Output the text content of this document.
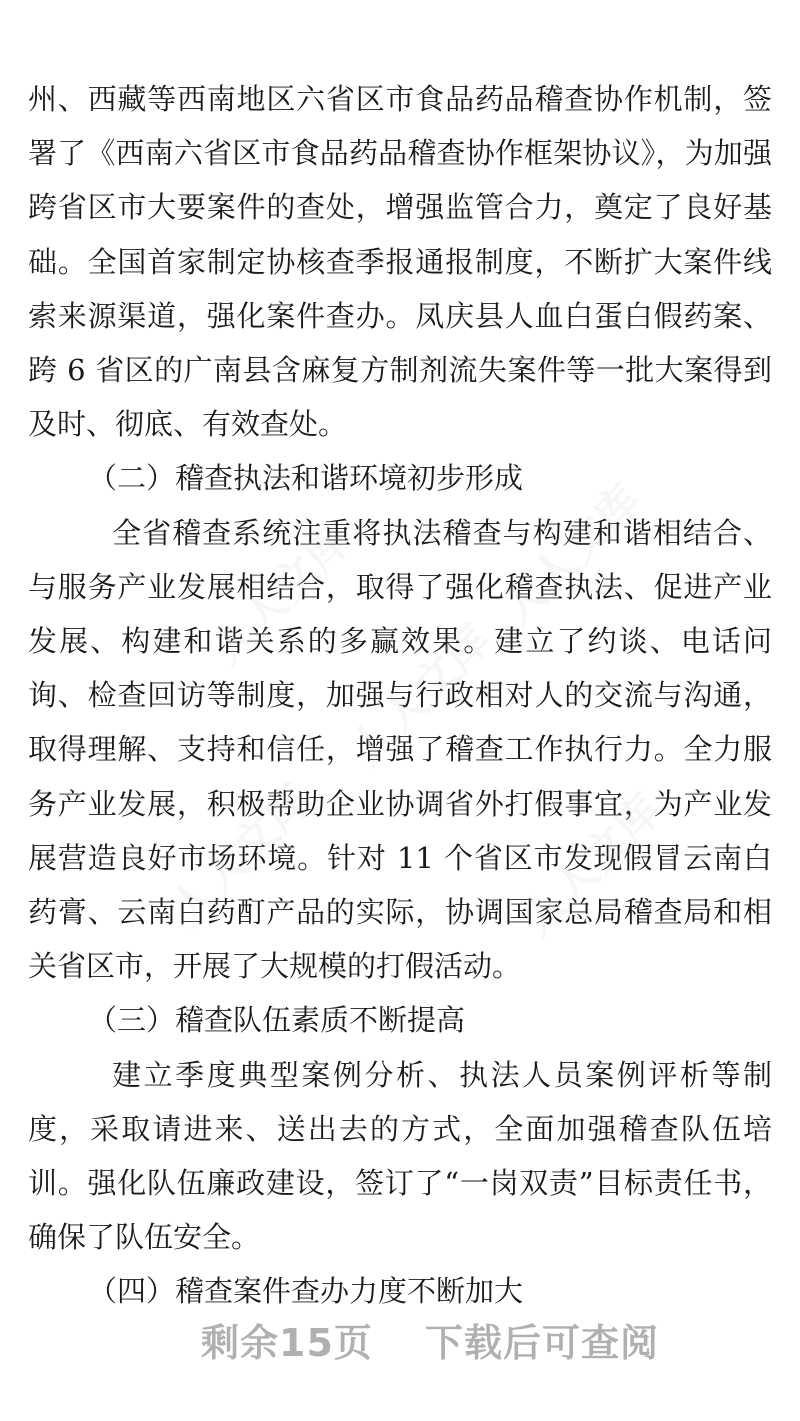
州、西藏等西南地区六省区市食品药品稽查协作机制，签署了《西南六省区市食品药品稽查协作框架协议》，为加强跨省区市大要案件的查处，增强监管合力，奠定了良好基础。全国首家制定协核查季报通报制度，不断扩大案件线索来源渠道，强化案件查办。凤庆县人血白蛋白假药案、跨 6 省区的广南县含麻复方制剂流失案件等一批大案得到及时、彻底、有效查处。

（二）稽查执法和谐环境初步形成

全省稽查系统注重将执法稽查与构建和谐相结合、与服务产业发展相结合，取得了强化稽查执法、促进产业发展、构建和谐关系的多赢效果。建立了约谈、电话问询、检查回访等制度，加强与行政相对人的交流与沟通，取得理解、支持和信任，增强了稽查工作执行力。全力服务产业发展，积极帮助企业协调省外打假事宜，为产业发展营造良好市场环境。针对 11 个省区市发现假冒云南白药膏、云南白药酊产品的实际，协调国家总局稽查局和相关省区市，开展了大规模的打假活动。

（三）稽查队伍素质不断提高

建立季度典型案例分析、执法人员案例评析等制度，采取请进来、送出去的方式，全面加强稽查队伍培训。强化队伍廉政建设，签订了“一岗双责”目标责任书，确保了队伍安全。

（四）稽查案件查办力度不断加大

人人文库
人人文库
人人文库
人人文库	人人文库
剩余15页 下载后可查阅
